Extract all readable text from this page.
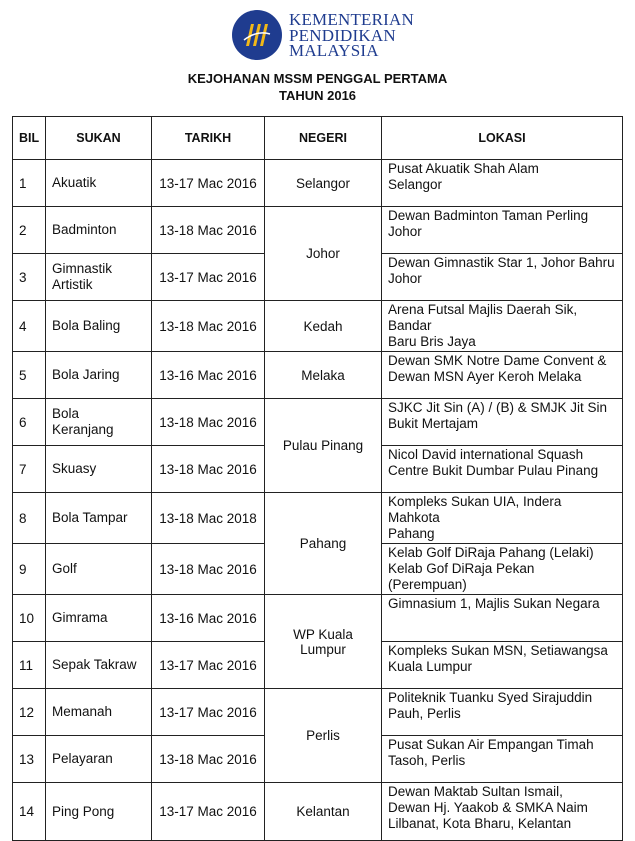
KEMENTERIAN
PENDIDIKAN
MALAYSIA
KEJOHANAN MSSM PENGGAL PERTAMA
TAHUN 2016
BIL	SUKAN	TARIKH	NEGERI	LOKASI
1	Akuatik	13-17 Mac 2016	Selangor	Pusat Akuatik Shah Alam
Selangor
2	Badminton	13-18 Mac 2016	Johor	Dewan Badminton Taman Perling
Johor
3	Gimnastik
Artistik	13-17 Mac 2016		Dewan Gimnastik Star 1, Johor Bahru
Johor
4	Bola Baling	13-18 Mac 2016	Kedah	Arena Futsal Majlis Daerah Sik, Bandar
Baru Bris Jaya
5	Bola Jaring	13-16 Mac 2016	Melaka	Dewan SMK Notre Dame Convent &
Dewan MSN Ayer Keroh Melaka
6	Bola
Keranjang	13-18 Mac 2016	Pulau Pinang	SJKC Jit Sin (A) / (B) & SMJK Jit Sin
Bukit Mertajam
7	Skuasy	13-18 Mac 2016		Nicol David international Squash
Centre Bukit Dumbar Pulau Pinang
8	Bola Tampar	13-18 Mac 2018	Pahang	Kompleks Sukan UIA, Indera Mahkota
Pahang
9	Golf	13-18 Mac 2016		Kelab Golf DiRaja Pahang (Lelaki)
Kelab Gof DiRaja Pekan (Perempuan)
10	Gimrama	13-16 Mac 2016	WP Kuala
Lumpur	Gimnasium 1, Majlis Sukan Negara
11	Sepak Takraw	13-17 Mac 2016		Kompleks Sukan MSN, Setiawangsa
Kuala Lumpur
12	Memanah	13-17 Mac 2016	Perlis	Politeknik Tuanku Syed Sirajuddin
Pauh, Perlis
13	Pelayaran	13-18 Mac 2016		Pusat Sukan Air Empangan Timah
Tasoh, Perlis
14	Ping Pong	13-17 Mac 2016	Kelantan	Dewan Maktab Sultan Ismail,
Dewan Hj. Yaakob & SMKA Naim
Lilbanat, Kota Bharu, Kelantan
